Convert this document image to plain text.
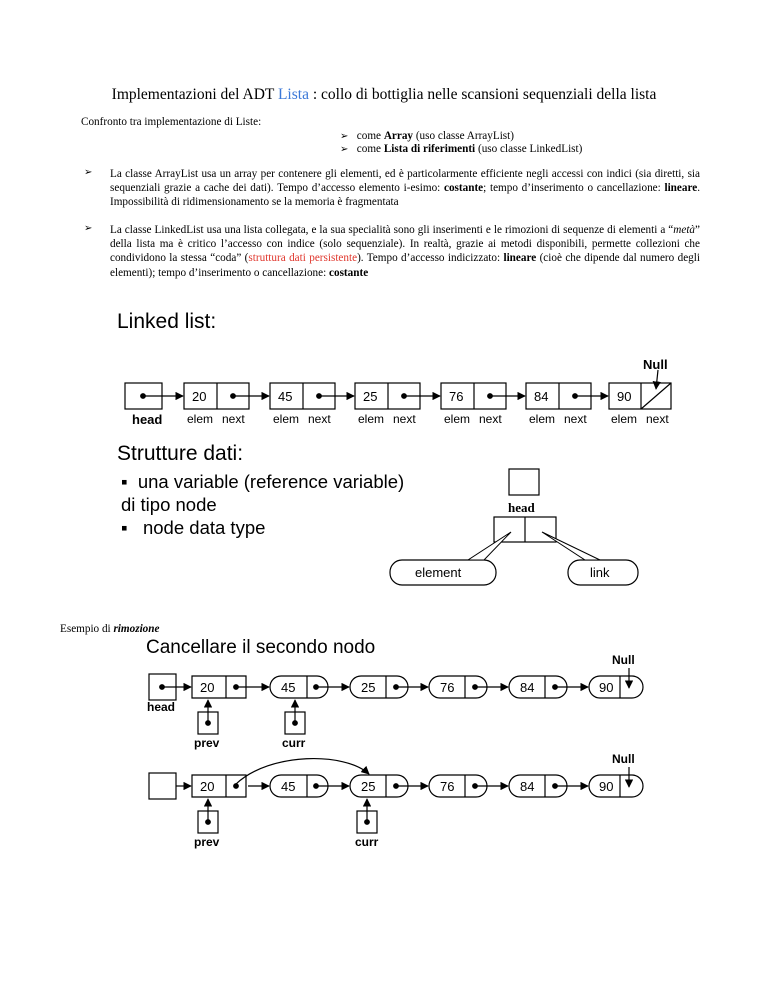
Implementazioni del ADT Lista : collo di bottiglia nelle scansioni sequenziali della lista
Confronto tra implementazione di Liste:
➢ come Array (uso classe ArrayList)
➢ come Lista di riferimenti (uso classe LinkedList)
➢ La classe ArrayList usa un array per contenere gli elementi, ed è particolarmente efficiente negli accessi con indici (sia diretti, sia sequenziali grazie a cache dei dati). Tempo d’accesso elemento i-esimo: costante; tempo d’inserimento o cancellazione: lineare. Impossibilità di ridimensionamento se la memoria è fragmentata
➢ La classe LinkedList usa una lista collegata, e la sua specialità sono gli inserimenti e le rimozioni di sequenze di elementi a “metà” della lista ma è critico l’accesso con indice (solo sequenziale). In realtà, grazie ai metodi disponibili, permette collezioni che condividono la stessa “coda” (struttura dati persistente). Tempo d’accesso indicizzato: lineare (cioè che dipende dal numero degli elementi); tempo d’inserimento o cancellazione: costante
Linked list:
20	45	25	76	84	90
Null
head elem next elem next elem next elem next elem next elem next
head
element	link
20	45	25	76	84	90
Null
head
prev	curr
20	45	25	76	84	90
Null
prev	curr
Strutture dati:
▪ una variable (reference variable)
di tipo node
▪ node data type
Esempio di rimozione
Cancellare il secondo nodo
